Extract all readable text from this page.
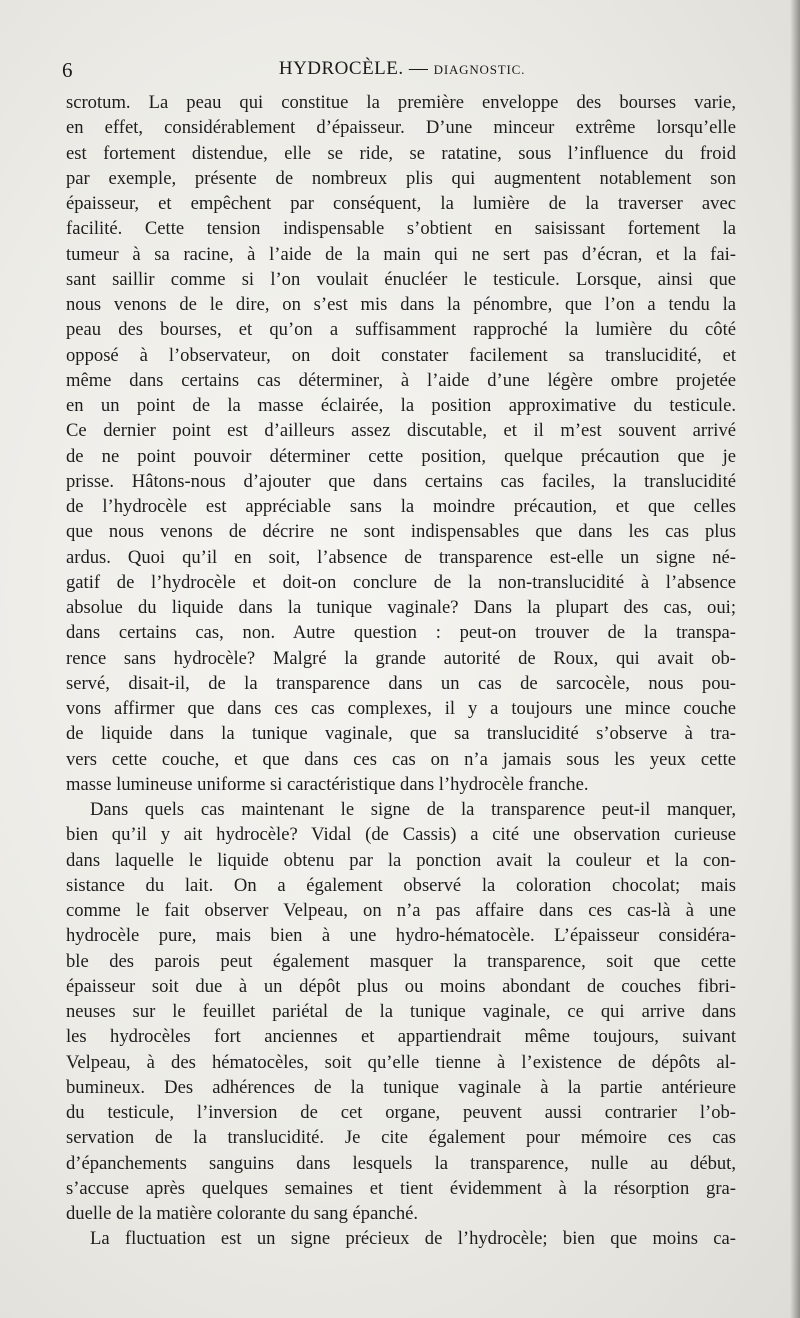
6	HYDROCÈLE. — DIAGNOSTIC.
scrotum. La peau qui constitue la première enveloppe des bourses varie,
en effet, considérablement d’épaisseur. D’une minceur extrême lorsqu’elle
est fortement distendue, elle se ride, se ratatine, sous l’influence du froid
par exemple, présente de nombreux plis qui augmentent notablement son
épaisseur, et empêchent par conséquent, la lumière de la traverser avec
facilité. Cette tension indispensable s’obtient en saisissant fortement la
tumeur à sa racine, à l’aide de la main qui ne sert pas d’écran, et la fai-
sant saillir comme si l’on voulait énucléer le testicule. Lorsque, ainsi que
nous venons de le dire, on s’est mis dans la pénombre, que l’on a tendu la
peau des bourses, et qu’on a suffisamment rapproché la lumière du côté
opposé à l’observateur, on doit constater facilement sa translucidité, et
même dans certains cas déterminer, à l’aide d’une légère ombre projetée
en un point de la masse éclairée, la position approximative du testicule.
Ce dernier point est d’ailleurs assez discutable, et il m’est souvent arrivé
de ne point pouvoir déterminer cette position, quelque précaution que je
prisse. Hâtons-nous d’ajouter que dans certains cas faciles, la translucidité
de l’hydrocèle est appréciable sans la moindre précaution, et que celles
que nous venons de décrire ne sont indispensables que dans les cas plus
ardus. Quoi qu’il en soit, l’absence de transparence est-elle un signe né-
gatif de l’hydrocèle et doit-on conclure de la non-translucidité à l’absence
absolue du liquide dans la tunique vaginale? Dans la plupart des cas, oui;
dans certains cas, non. Autre question : peut-on trouver de la transpa-
rence sans hydrocèle? Malgré la grande autorité de Roux, qui avait ob-
servé, disait-il, de la transparence dans un cas de sarcocèle, nous pou-
vons affirmer que dans ces cas complexes, il y a toujours une mince couche
de liquide dans la tunique vaginale, que sa translucidité s’observe à tra-
vers cette couche, et que dans ces cas on n’a jamais sous les yeux cette
masse lumineuse uniforme si caractéristique dans l’hydrocèle franche.
Dans quels cas maintenant le signe de la transparence peut-il manquer,
bien qu’il y ait hydrocèle? Vidal (de Cassis) a cité une observation curieuse
dans laquelle le liquide obtenu par la ponction avait la couleur et la con-
sistance du lait. On a également observé la coloration chocolat; mais
comme le fait observer Velpeau, on n’a pas affaire dans ces cas-là à une
hydrocèle pure, mais bien à une hydro-hématocèle. L’épaisseur considéra-
ble des parois peut également masquer la transparence, soit que cette
épaisseur soit due à un dépôt plus ou moins abondant de couches fibri-
neuses sur le feuillet pariétal de la tunique vaginale, ce qui arrive dans
les hydrocèles fort anciennes et appartiendrait même toujours, suivant
Velpeau, à des hématocèles, soit qu’elle tienne à l’existence de dépôts al-
bumineux. Des adhérences de la tunique vaginale à la partie antérieure
du testicule, l’inversion de cet organe, peuvent aussi contrarier l’ob-
servation de la translucidité. Je cite également pour mémoire ces cas
d’épanchements sanguins dans lesquels la transparence, nulle au début,
s’accuse après quelques semaines et tient évidemment à la résorption gra-
duelle de la matière colorante du sang épanché.
La fluctuation est un signe précieux de l’hydrocèle; bien que moins ca-
